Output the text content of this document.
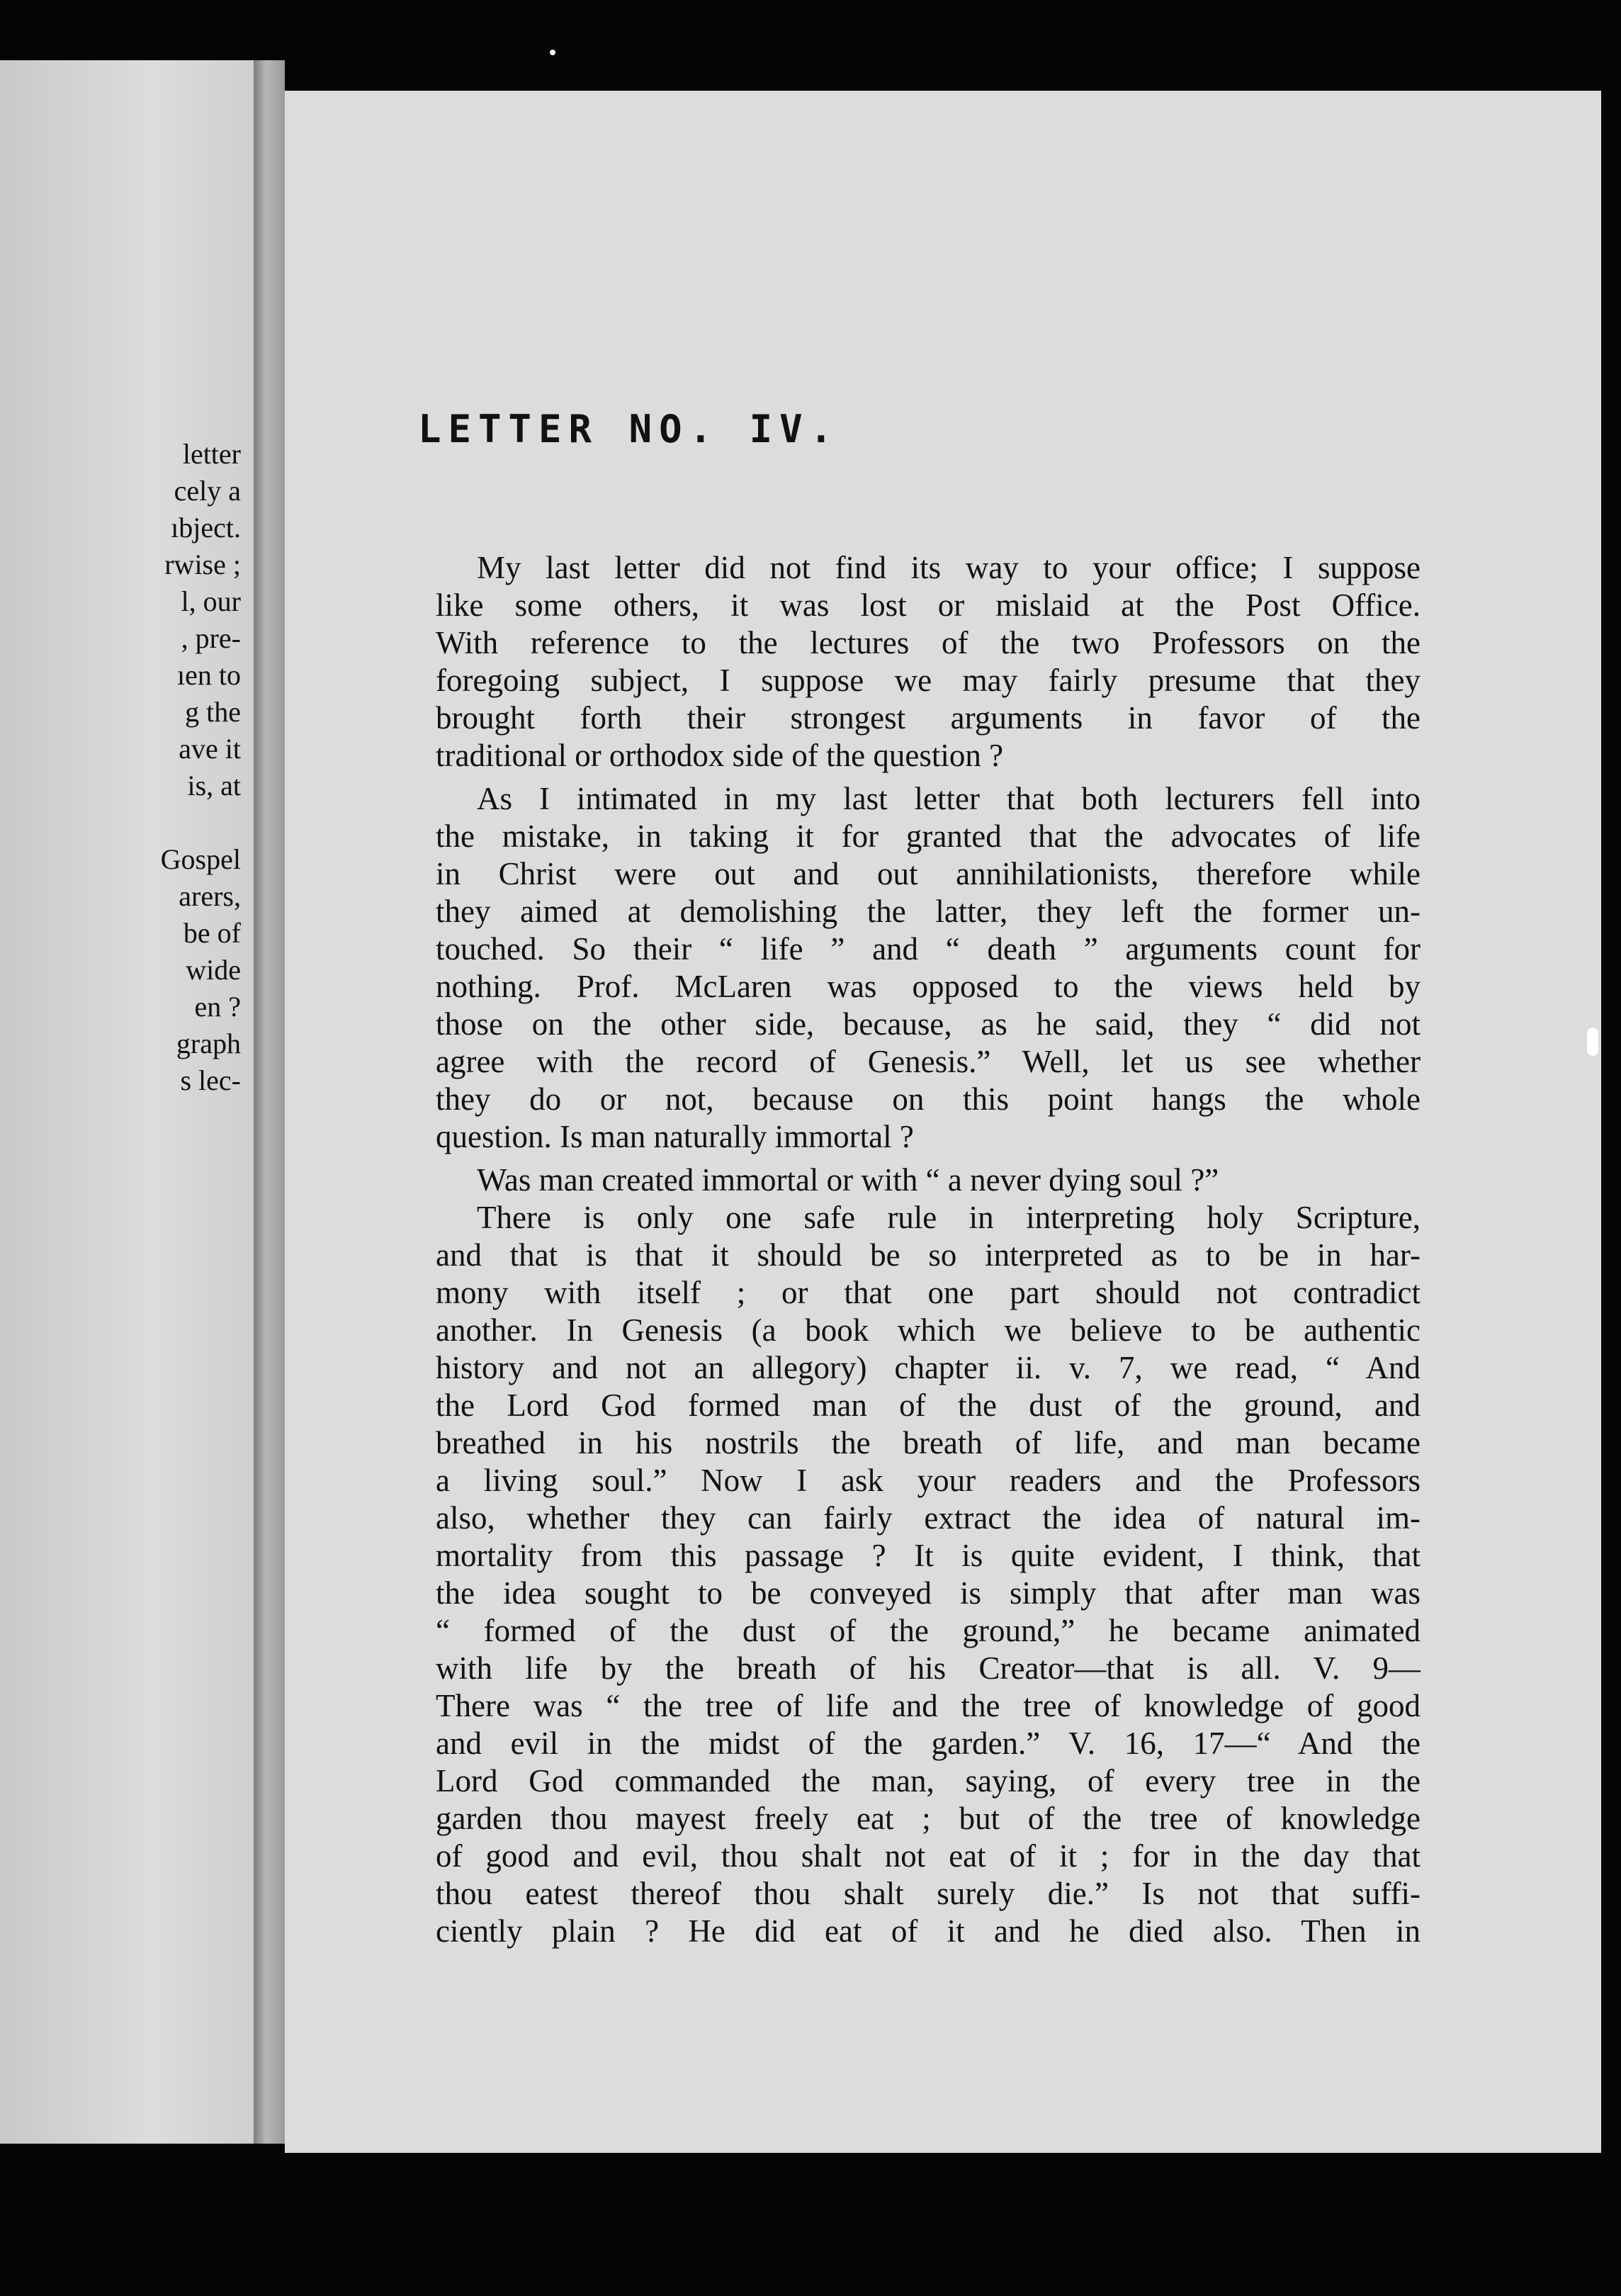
letter
cely a
ıbject.
rwise ;
l, our
, pre-
ıen to
g the
ave it
is, at

Gospel
arers,
be of
wide
en ?
graph
s lec-
LETTER NO. IV.
My last letter did not find its way to your office; I suppose
like some others, it was lost or mislaid at the Post Office.
With reference to the lectures of the two Professors on the
foregoing subject, I suppose we may fairly presume that they
brought forth their strongest arguments in favor of the
traditional or orthodox side of the question ?
As I intimated in my last letter that both lecturers fell into
the mistake, in taking it for granted that the advocates of life
in Christ were out and out annihilationists, therefore while
they aimed at demolishing the latter, they left the former un-
touched. So their “ life ” and “ death ” arguments count for
nothing. Prof. McLaren was opposed to the views held by
those on the other side, because, as he said, they “ did not
agree with the record of Genesis.” Well, let us see whether
they do or not, because on this point hangs the whole
question. Is man naturally immortal ?
Was man created immortal or with “ a never dying soul ?”
There is only one safe rule in interpreting holy Scripture,
and that is that it should be so interpreted as to be in har-
mony with itself ; or that one part should not contradict
another. In Genesis (a book which we believe to be authentic
history and not an allegory) chapter ii. v. 7, we read, “ And
the Lord God formed man of the dust of the ground, and
breathed in his nostrils the breath of life, and man became
a living soul.” Now I ask your readers and the Professors
also, whether they can fairly extract the idea of natural im-
mortality from this passage ? It is quite evident, I think, that
the idea sought to be conveyed is simply that after man was
“ formed of the dust of the ground,” he became animated
with life by the breath of his Creator—that is all. V. 9—
There was “ the tree of life and the tree of knowledge of good
and evil in the midst of the garden.” V. 16, 17—“ And the
Lord God commanded the man, saying, of every tree in the
garden thou mayest freely eat ; but of the tree of knowledge
of good and evil, thou shalt not eat of it ; for in the day that
thou eatest thereof thou shalt surely die.” Is not that suffi-
ciently plain ? He did eat of it and he died also. Then in
